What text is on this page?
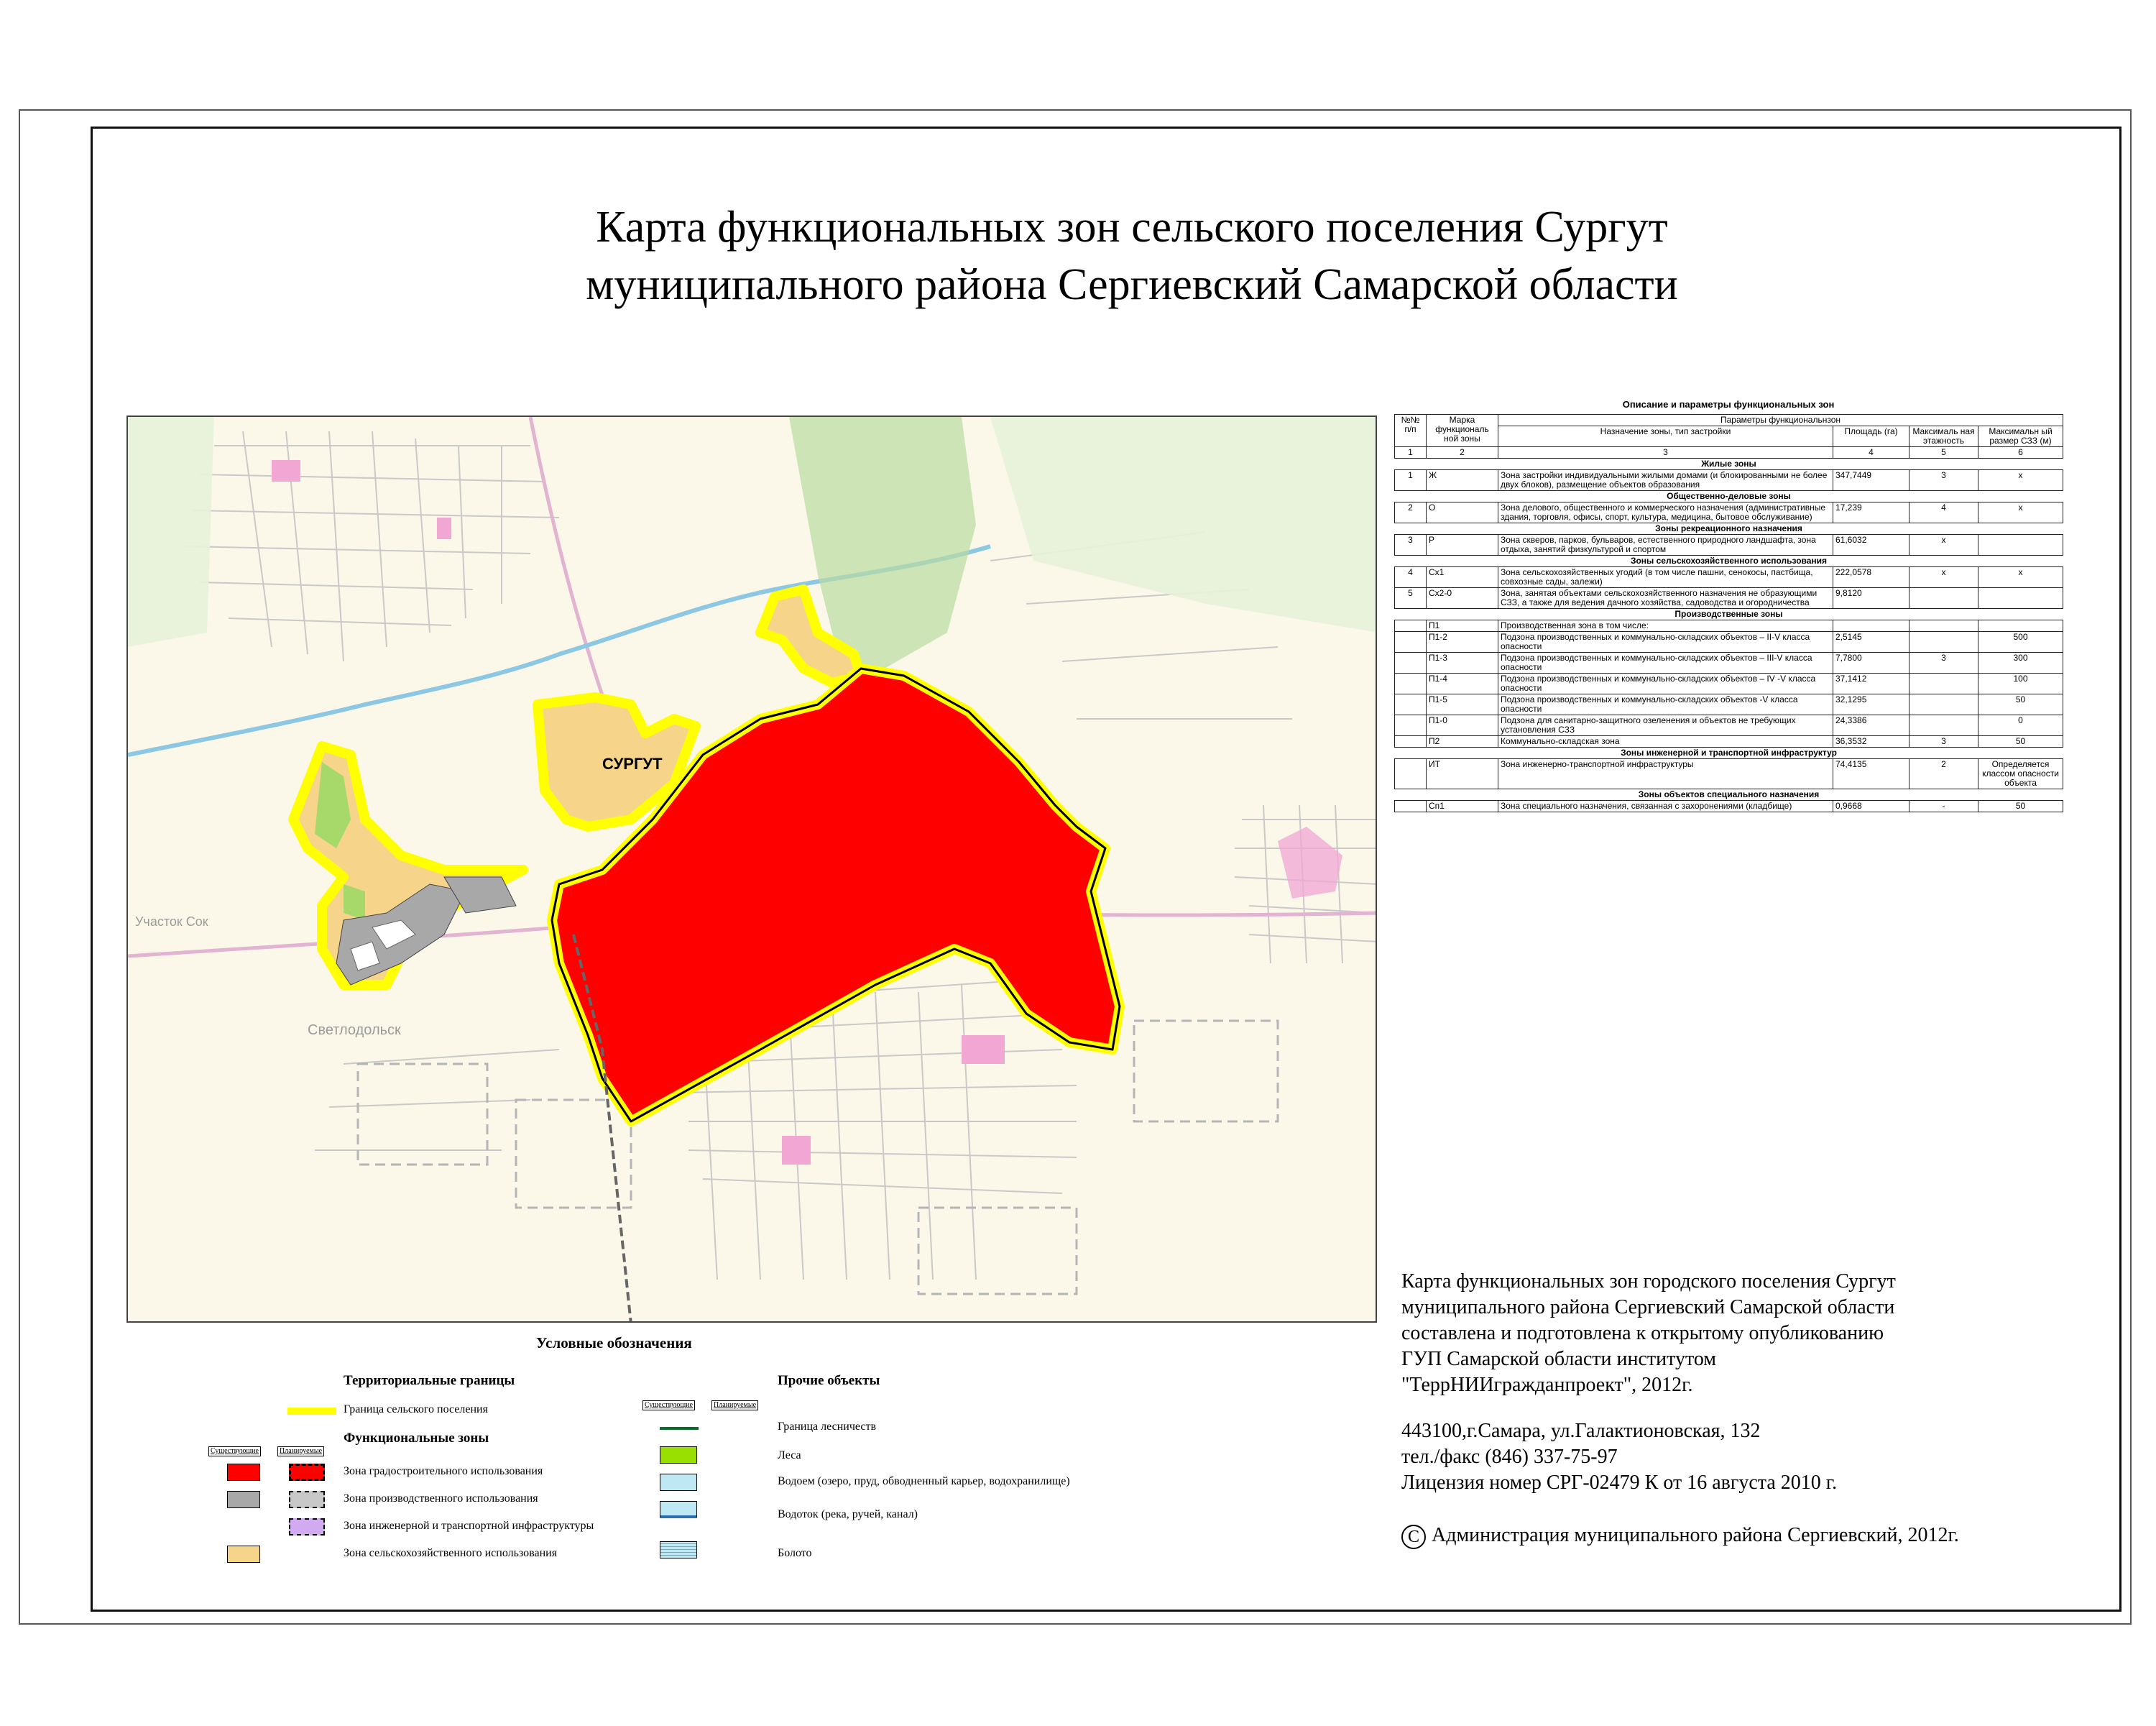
Карта функциональных зон сельского поселения Сургут
муниципального района Сергиевский Самарской области
СУРГУТ
Светлодольск
Участок Сок
Описание и параметры функциональных зон
№№ п/п	Марка функциональ ной зоны	Параметры функциональнзон			
		Назначение зоны, тип застройки	Площадь (га)	Максималь ная этажность	Максимальн ый размер СЗЗ (м)
1	2	3	4	5	6
Жилые зоны					
1	Ж	Зона застройки индивидуальными жилыми домами (и блокированными не более двух блоков), размещение объектов образования	347,7449	3	х
Общественно-деловые зоны					
2	О	Зона делового, общественного и коммерческого назначения (административные здания, торговля, офисы, спорт, культура, медицина, бытовое обслуживание)	17,239	4	х
Зоны рекреационного назначения					
3	Р	Зона скверов, парков, бульваров, естественного природного ландшафта, зона отдыха, занятий физкультурой и спортом	61,6032	х	
Зоны сельскохозяйственного использования					
4	Сх1	Зона сельскохозяйственных угодий (в том числе пашни, сенокосы, пастбища, совхозные сады, залежи)	222,0578	х	х
5	Сх2-0	Зона, занятая объектами сельскохозяйственного назначения не образующими СЗЗ, а также для ведения дачного хозяйства, садоводства и огородничества	9,8120		
Производственные зоны					
	П1	Производственная зона в том числе:			
	П1-2	Подзона производственных и коммунально-складских объектов – II-V класса опасности	2,5145		500
	П1-3	Подзона производственных и коммунально-складских объектов – III-V класса опасности	7,7800	3	300
	П1-4	Подзона производственных и коммунально-складских объектов – IV -V класса опасности	37,1412		100
	П1-5	Подзона производственных и коммунально-складских объектов -V класса опасности	32,1295		50
	П1-0	Подзона для санитарно-защитного озеленения и объектов не требующих установления СЗЗ	24,3386		0
	П2	Коммунально-складская зона	36,3532	3	50
Зоны инженерной и транспортной инфраструктур					
	ИТ	Зона инженерно-транспортной инфраструктуры	74,4135	2	Определяется классом опасности объекта
Зоны объектов специального назначения					
	Сп1	Зона специального назначения, связанная с захоронениями (кладбище)	0,9668	-	50

Карта функциональных зон городского поселения Сургут

муниципального района Сергиевский Самарской области

составлена и подготовлена к открытому опубликованию

ГУП Самарской области институтом

"ТеррНИИгражданпроект", 2012г.

443100,г.Самара, ул.Галактионовская, 132

тел./факс (846) 337-75-97

Лицензия номер СРГ-02479 К от 16 августа 2010 г.

C Администрация муниципального района Сергиевский, 2012г.
Условные обозначения
Территориальные границы
Граница сельского поселения
Функциональные зоны
Существующие	Планируемые
Зона градостроительного использования
Зона производственного использования
Зона инженерной и транспортной инфраструктуры
Зона сельскохозяйственного использования
Прочие объекты
Существующие	Планируемые
Граница лесничеств
Леса
Водоем (озеро, пруд, обводненный карьер, водохранилище)
Водоток (река, ручей, канал)
Болото
